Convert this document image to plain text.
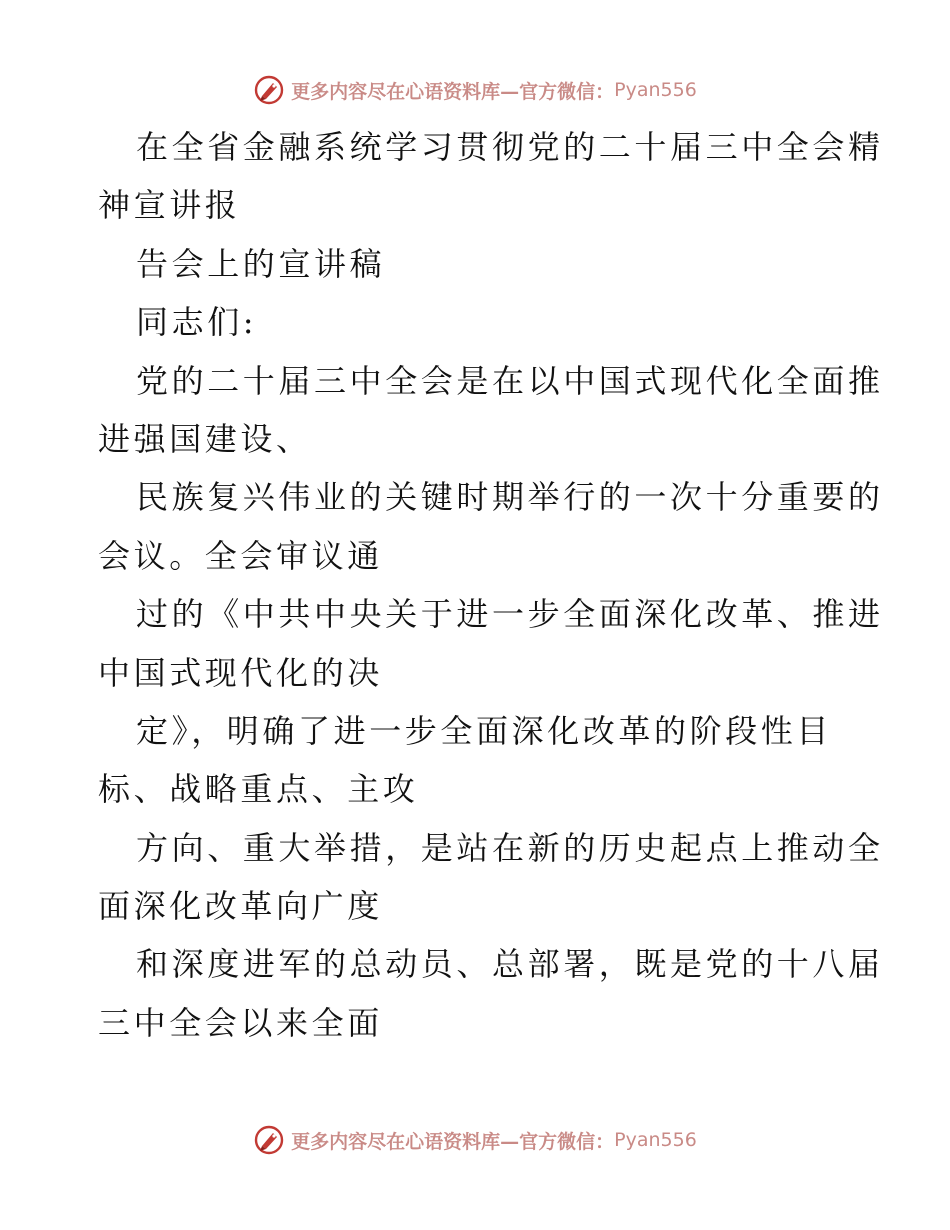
更多内容尽在心语资料库—官方微信： Pyan556
在全省金融系统学习贯彻党的二十届三中全会精
神宣讲报
告会上的宣讲稿
同志们:
党的二十届三中全会是在以中国式现代化全面推
进强国建设、
民族复兴伟业的关键时期举行的一次十分重要的
会议。全会审议通
过的《中共中央关于进一步全面深化改革、推进
中国式现代化的决
定》，明确了进一步全面深化改革的阶段性目
标、战略重点、主攻
方向、重大举措，是站在新的历史起点上推动全
面深化改革向广度
和深度进军的总动员、总部署，既是党的十八届
三中全会以来全面
更多内容尽在心语资料库—官方微信： Pyan556
